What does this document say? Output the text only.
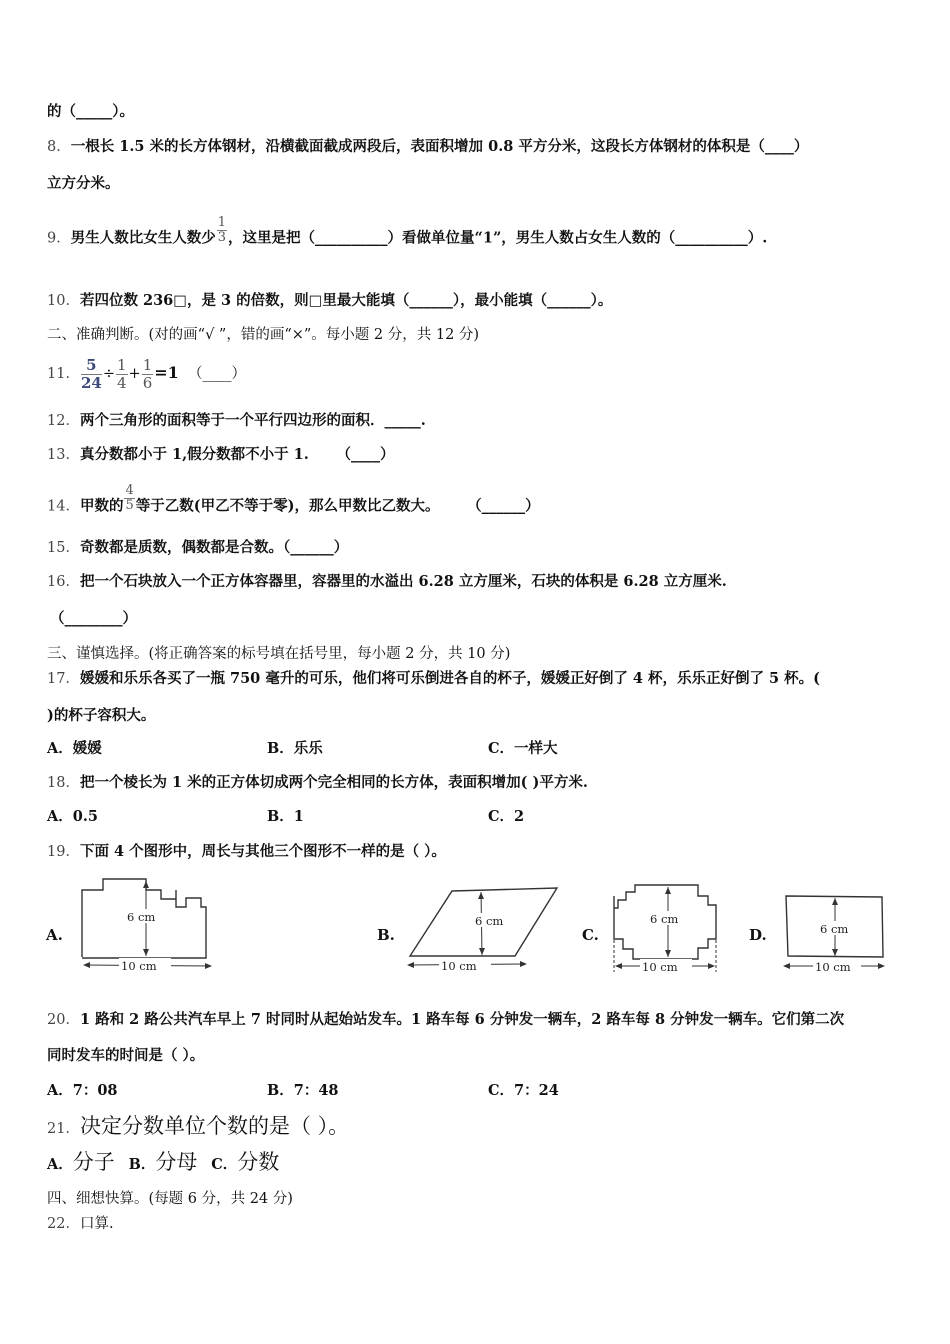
的（_____）。
8．一根长 1.5 米的长方体钢材，沿横截面截成两段后，表面积增加 0.8 平方分米，这段长方体钢材的体积是（____）
立方分米。
9．男生人数比女生人数少 $\frac{1}{3}$ ，这里是把（__________）看做单位量“1”，男生人数占女生人数的（__________）.
10．若四位数 236□，是 3 的倍数，则□里最大能填（______），最小能填（______）。
二、准确判断。(对的画“√ ”，错的画“×”。每小题 2 分，共 12 分)
11． $\frac{5}{24} \div \frac{1}{4} + \frac{1}{6} =1$ （____）
12．两个三角形的面积等于一个平行四边形的面积．_____.
13．真分数都小于 1,假分数都不小于 1. （____）
14．甲数的 $\frac{4}{5}$ 等于乙数(甲乙不等于零)，那么甲数比乙数大。 （______）
15．奇数都是质数，偶数都是合数。（______）
16．把一个石块放入一个正方体容器里，容器里的水溢出 6.28 立方厘米，石块的体积是 6.28 立方厘米.
（________）
三、谨慎选择。(将正确答案的标号填在括号里，每小题 2 分，共 10 分)
17．媛媛和乐乐各买了一瓶 750 毫升的可乐，他们将可乐倒进各自的杯子，媛媛正好倒了 4 杯，乐乐正好倒了 5 杯。(
)的杯子容积大。
A．媛媛	B．乐乐	C．一样大
18．把一个棱长为 1 米的正方体切成两个完全相同的长方体，表面积增加( )平方米.
A．0.5	B．1	C．2
19．下面 4 个图形中，周长与其他三个图形不一样的是（ ）。
A.
6 cm
10 cm
B.
6 cm
10 cm
C.
6 cm
10 cm
D.	6 cm
10 cm
20．1 路和 2 路公共汽车早上 7 时同时从起始站发车。1 路车每 6 分钟发一辆车，2 路车每 8 分钟发一辆车。它们第二次
同时发车的时间是（ ）。
A．7：08	B．7：48	C．7：24
21．决定分数单位个数的是（ ）。
A．分子 B．分母 C．分数
四、细想快算。(每题 6 分，共 24 分)
22．口算.
